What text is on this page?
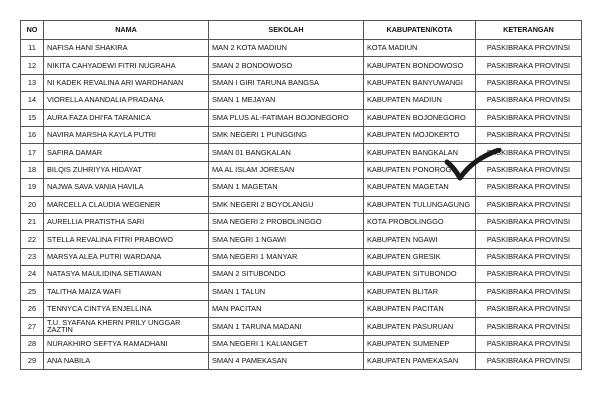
NO	NAMA	SEKOLAH	KABUPATEN/KOTA	KETERANGAN
11	NAFISA HANI SHAKIRA	MAN 2 KOTA MADIUN	KOTA MADIUN	PASKIBRAKA PROVINSI
12	NIKITA CAHYADEWI FITRI NUGRAHA	SMAN 2 BONDOWOSO	KABUPATEN BONDOWOSO	PASKIBRAKA PROVINSI
13	NI KADEK REVALINA ARI WARDHANAN	SMAN I GIRI TARUNA BANGSA	KABUPATEN BANYUWANGI	PASKIBRAKA PROVINSI
14	VIORELLA ANANDALIA PRADANA	SMAN 1 MEJAYAN	KABUPATEN MADIUN	PASKIBRAKA PROVINSI
15	AURA FAZA DHI'FA TARANICA	SMA PLUS AL-FATIMAH BOJONEGORO	KABUPATEN BOJONEGORO	PASKIBRAKA PROVINSI
16	NAVIRA MARSHA KAYLA PUTRI	SMK NEGERI 1 PUNGGING	KABUPATEN MOJOKERTO	PASKIBRAKA PROVINSI
17	SAFIRA DAMAR	SMAN 01 BANGKALAN	KABUPATEN BANGKALAN	PASKIBRAKA PROVINSI
18	BILQIS ZUHRIYYA HIDAYAT	MA AL ISLAM JORESAN	KABUPATEN PONOROGO	PASKIBRAKA PROVINSI
19	NAJWA SAVA VANIA HAVILA	SMAN 1 MAGETAN	KABUPATEN MAGETAN	PASKIBRAKA PROVINSI
20	MARCELLA CLAUDIA WEGENER	SMK NEGERI 2 BOYOLANGU	KABUPATEN TULUNGAGUNG	PASKIBRAKA PROVINSI
21	AURELLIA PRATISTHA SARI	SMA NEGERI 2 PROBOLINGGO	KOTA PROBOLINGGO	PASKIBRAKA PROVINSI
22	STELLA REVALINA FITRI PRABOWO	SMA NEGRI 1 NGAWI	KABUPATEN NGAWI	PASKIBRAKA PROVINSI
23	MARSYA ALEA PUTRI WARDANA	SMA NEGERI 1 MANYAR	KABUPATEN GRESIK	PASKIBRAKA PROVINSI
24	NATASYA MAULIDINA SETIAWAN	SMAN 2 SITUBONDO	KABUPATEN SITUBONDO	PASKIBRAKA PROVINSI
25	TALITHA MAIZA WAFI	SMAN 1 TALUN	KABUPATEN BLITAR	PASKIBRAKA PROVINSI
26	TENNYCA CINTYA ENJELLINA	MAN PACITAN	KABUPATEN PACITAN	PASKIBRAKA PROVINSI
27	T.U. SYAFANA KHERN PRILY UNGGAR ZAZTIN	SMAN 1 TARUNA MADANI	KABUPATEN PASURUAN	PASKIBRAKA PROVINSI
28	NURAKHIRO SEFTYA RAMADHANI	SMA NEGERI 1 KALIANGET	KABUPATEN SUMENEP	PASKIBRAKA PROVINSI
29	ANA NABILA	SMAN 4 PAMEKASAN	KABUPATEN PAMEKASAN	PASKIBRAKA PROVINSI
